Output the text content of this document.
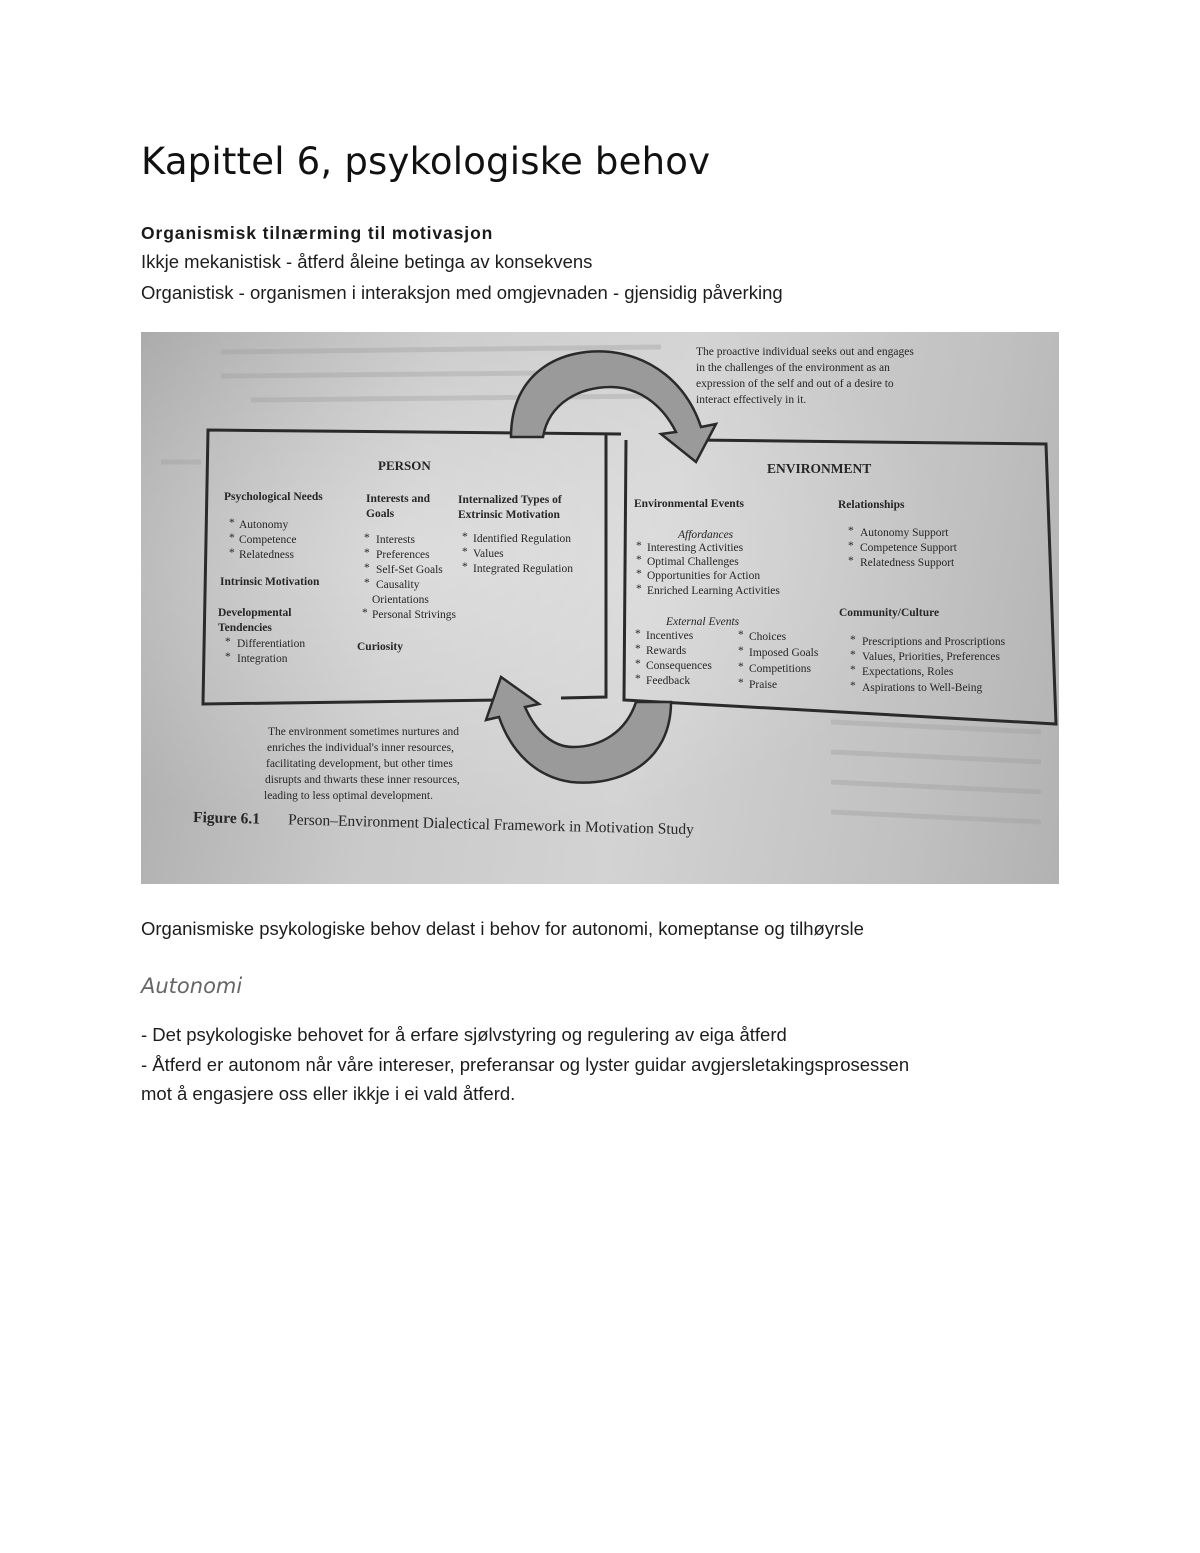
Kapittel 6, psykologiske behov
Organismisk tilnærming til motivasjon
Ikkje mekanistisk - åtferd åleine betinga av konsekvens
Organistisk - organismen i interaksjon med omgjevnaden - gjensidig påverking
The proactive individual seeks out and engages
in the challenges of the environment as an
expression of the self and out of a desire to
interact effectively in it.
PERSON
Psychological Needs
* Autonomy
* Competence
* Relatedness
Intrinsic Motivation
Developmental
Tendencies
* Differentiation
* Integration
Interests and
Goals
* Interests
* Preferences
* Self-Set Goals
* Causality
Orientations
* Personal Strivings
Curiosity
Internalized Types of
Extrinsic Motivation
* Identified Regulation
* Values
* Integrated Regulation
ENVIRONMENT
Environmental Events
Affordances
* Interesting Activities
* Optimal Challenges
* Opportunities for Action
* Enriched Learning Activities
External Events
* Incentives
* Rewards
* Consequences
* Feedback
* Choices
* Imposed Goals
* Competitions
* Praise
Relationships
* Autonomy Support
* Competence Support
* Relatedness Support
Community/Culture
* Prescriptions and Proscriptions
* Values, Priorities, Preferences
* Expectations, Roles
* Aspirations to Well-Being
The environment sometimes nurtures and
enriches the individual's inner resources,
facilitating development, but other times
disrupts and thwarts these inner resources,
leading to less optimal development.
Figure 6.1 Person–Environment Dialectical Framework in Motivation Study
Organismiske psykologiske behov delast i behov for autonomi, komeptanse og tilhøyrsle
Autonomi
- Det psykologiske behovet for å erfare sjølvstyring og regulering av eiga åtferd
- Åtferd er autonom når våre intereser, preferansar og lyster guidar avgjersletakingsprosessen
mot å engasjere oss eller ikkje i ei vald åtferd.
